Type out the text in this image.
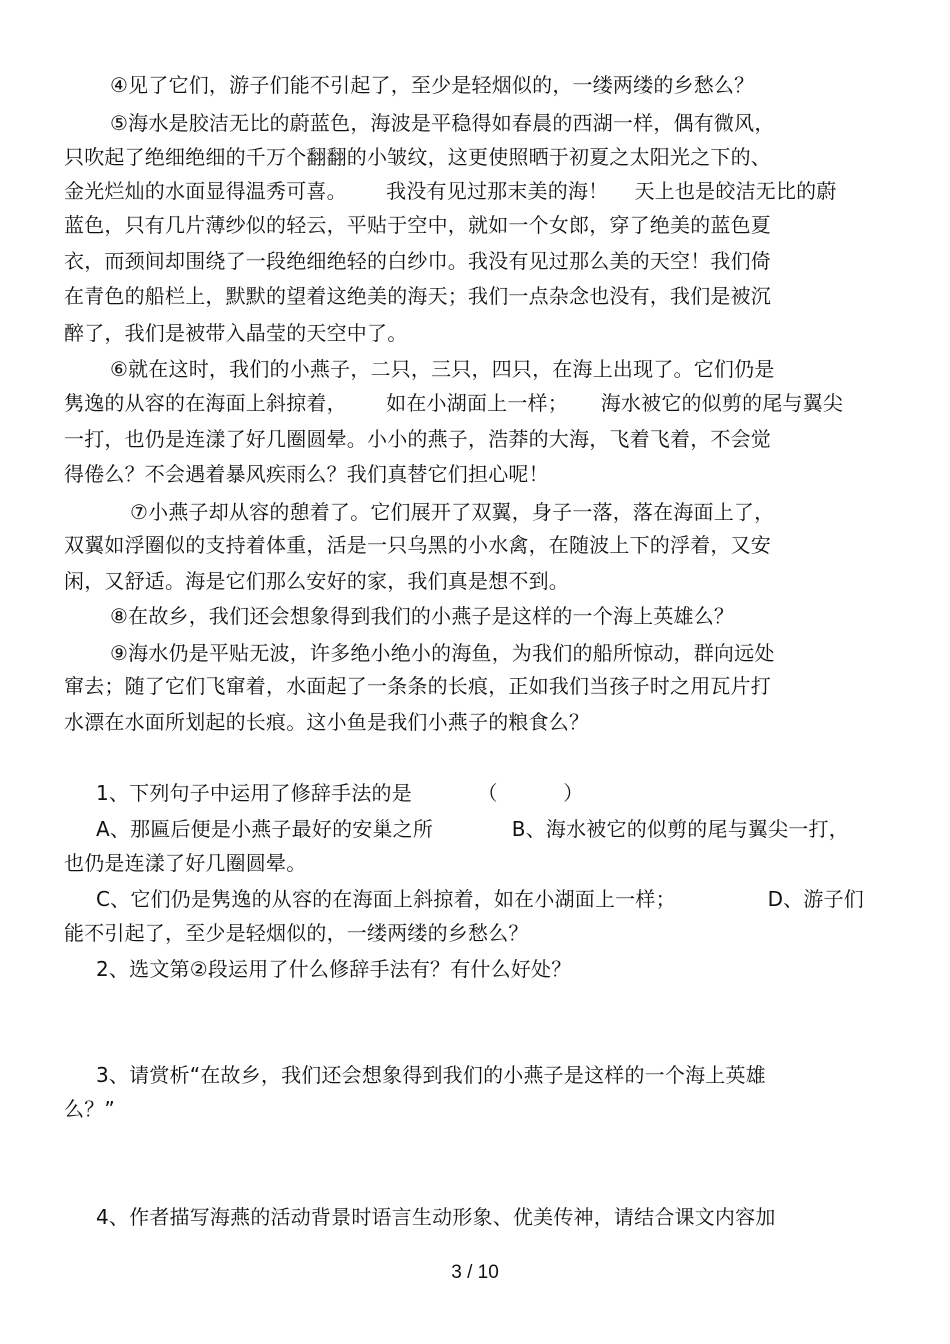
④见了它们，游子们能不引起了，至少是轻烟似的，一缕两缕的乡愁么？
⑤海水是胶洁无比的蔚蓝色，海波是平稳得如春晨的西湖一样，偶有微风，
只吹起了绝细绝细的千万个翻翻的小皱纹，这更使照晒于初夏之太阳光之下的、
金光烂灿的水面显得温秀可喜。      我没有见过那末美的海！    天上也是皎洁无比的蔚
蓝色，只有几片薄纱似的轻云，平贴于空中，就如一个女郎，穿了绝美的蓝色夏
衣，而颈间却围绕了一段绝细绝轻的白纱巾。我没有见过那么美的天空！我们倚
在青色的船栏上，默默的望着这绝美的海天；我们一点杂念也没有，我们是被沉
醉了，我们是被带入晶莹的天空中了。
⑥就在这时，我们的小燕子，二只，三只，四只，在海上出现了。它们仍是
隽逸的从容的在海面上斜掠着，      如在小湖面上一样；     海水被它的似剪的尾与翼尖
一打，也仍是连漾了好几圈圆晕。小小的燕子，浩莽的大海，飞着飞着，不会觉
得倦么？不会遇着暴风疾雨么？我们真替它们担心呢！
⑦小燕子却从容的憩着了。它们展开了双翼，身子一落，落在海面上了，
双翼如浮圈似的支持着体重，活是一只乌黑的小水禽，在随波上下的浮着，又安
闲，又舒适。海是它们那么安好的家，我们真是想不到。
⑧在故乡，我们还会想象得到我们的小燕子是这样的一个海上英雄么？
⑨海水仍是平贴无波，许多绝小绝小的海鱼，为我们的船所惊动，群向远处
窜去；随了它们飞窜着，水面起了一条条的长痕，正如我们当孩子时之用瓦片打
水漂在水面所划起的长痕。这小鱼是我们小燕子的粮食么？
1、下列句子中运用了修辞手法的是          （          ）
A、那匾后便是小燕子最好的安巢之所            B、海水被它的似剪的尾与翼尖一打，
也仍是连漾了好几圈圆晕。
C、它们仍是隽逸的从容的在海面上斜掠着，如在小湖面上一样；              D、游子们
能不引起了，至少是轻烟似的，一缕两缕的乡愁么？
2、选文第②段运用了什么修辞手法有？有什么好处？
3、请赏析“在故乡，我们还会想象得到我们的小燕子是这样的一个海上英雄
么？”
4、作者描写海燕的活动背景时语言生动形象、优美传神，请结合课文内容加
3 / 10
